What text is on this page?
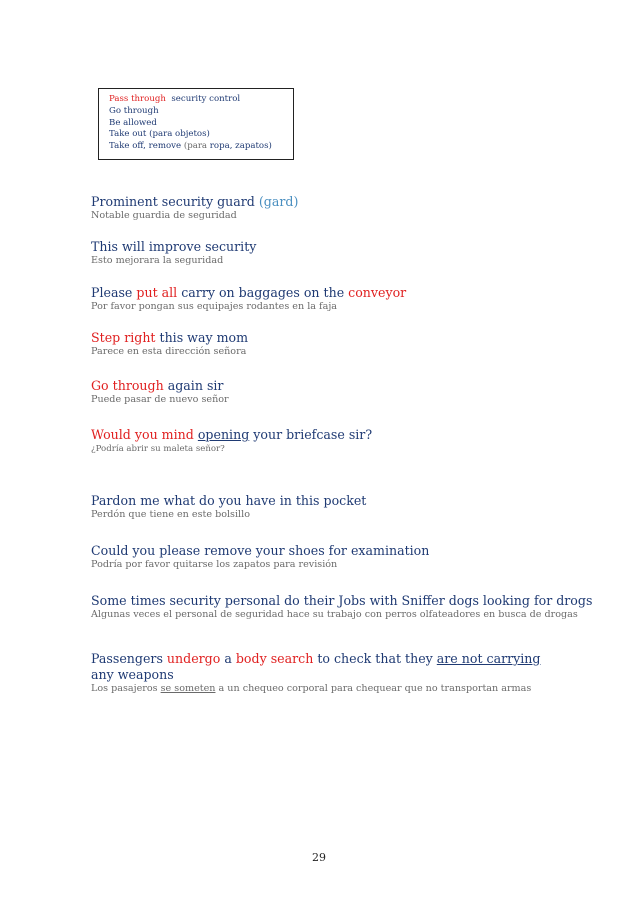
Pass through security control
Go through
Be allowed
Take out (para objetos)
Take off, remove (para ropa, zapatos)
Prominent security guard (gard)
Notable guardia de seguridad
This will improve security
Esto mejorara la seguridad
Please put all carry on baggages on the conveyor
Por favor pongan sus equipajes rodantes en la faja
Step right this way mom
Parece en esta dirección señora
Go through again sir
Puede pasar de nuevo señor
Would you mind opening your briefcase sir?
¿Podría abrir su maleta señor?
Pardon me what do you have in this pocket
Perdón que tiene en este bolsillo
Could you please remove your shoes for examination
Podría por favor quitarse los zapatos para revisión
Some times security personal do their Jobs with Sniffer dogs looking for drogs
Algunas veces el personal de seguridad hace su trabajo con perros olfateadores en busca de drogas
Passengers undergo a body search to check that they are not carrying any weapons
Los pasajeros se someten a un chequeo corporal para chequear que no transportan armas
29
